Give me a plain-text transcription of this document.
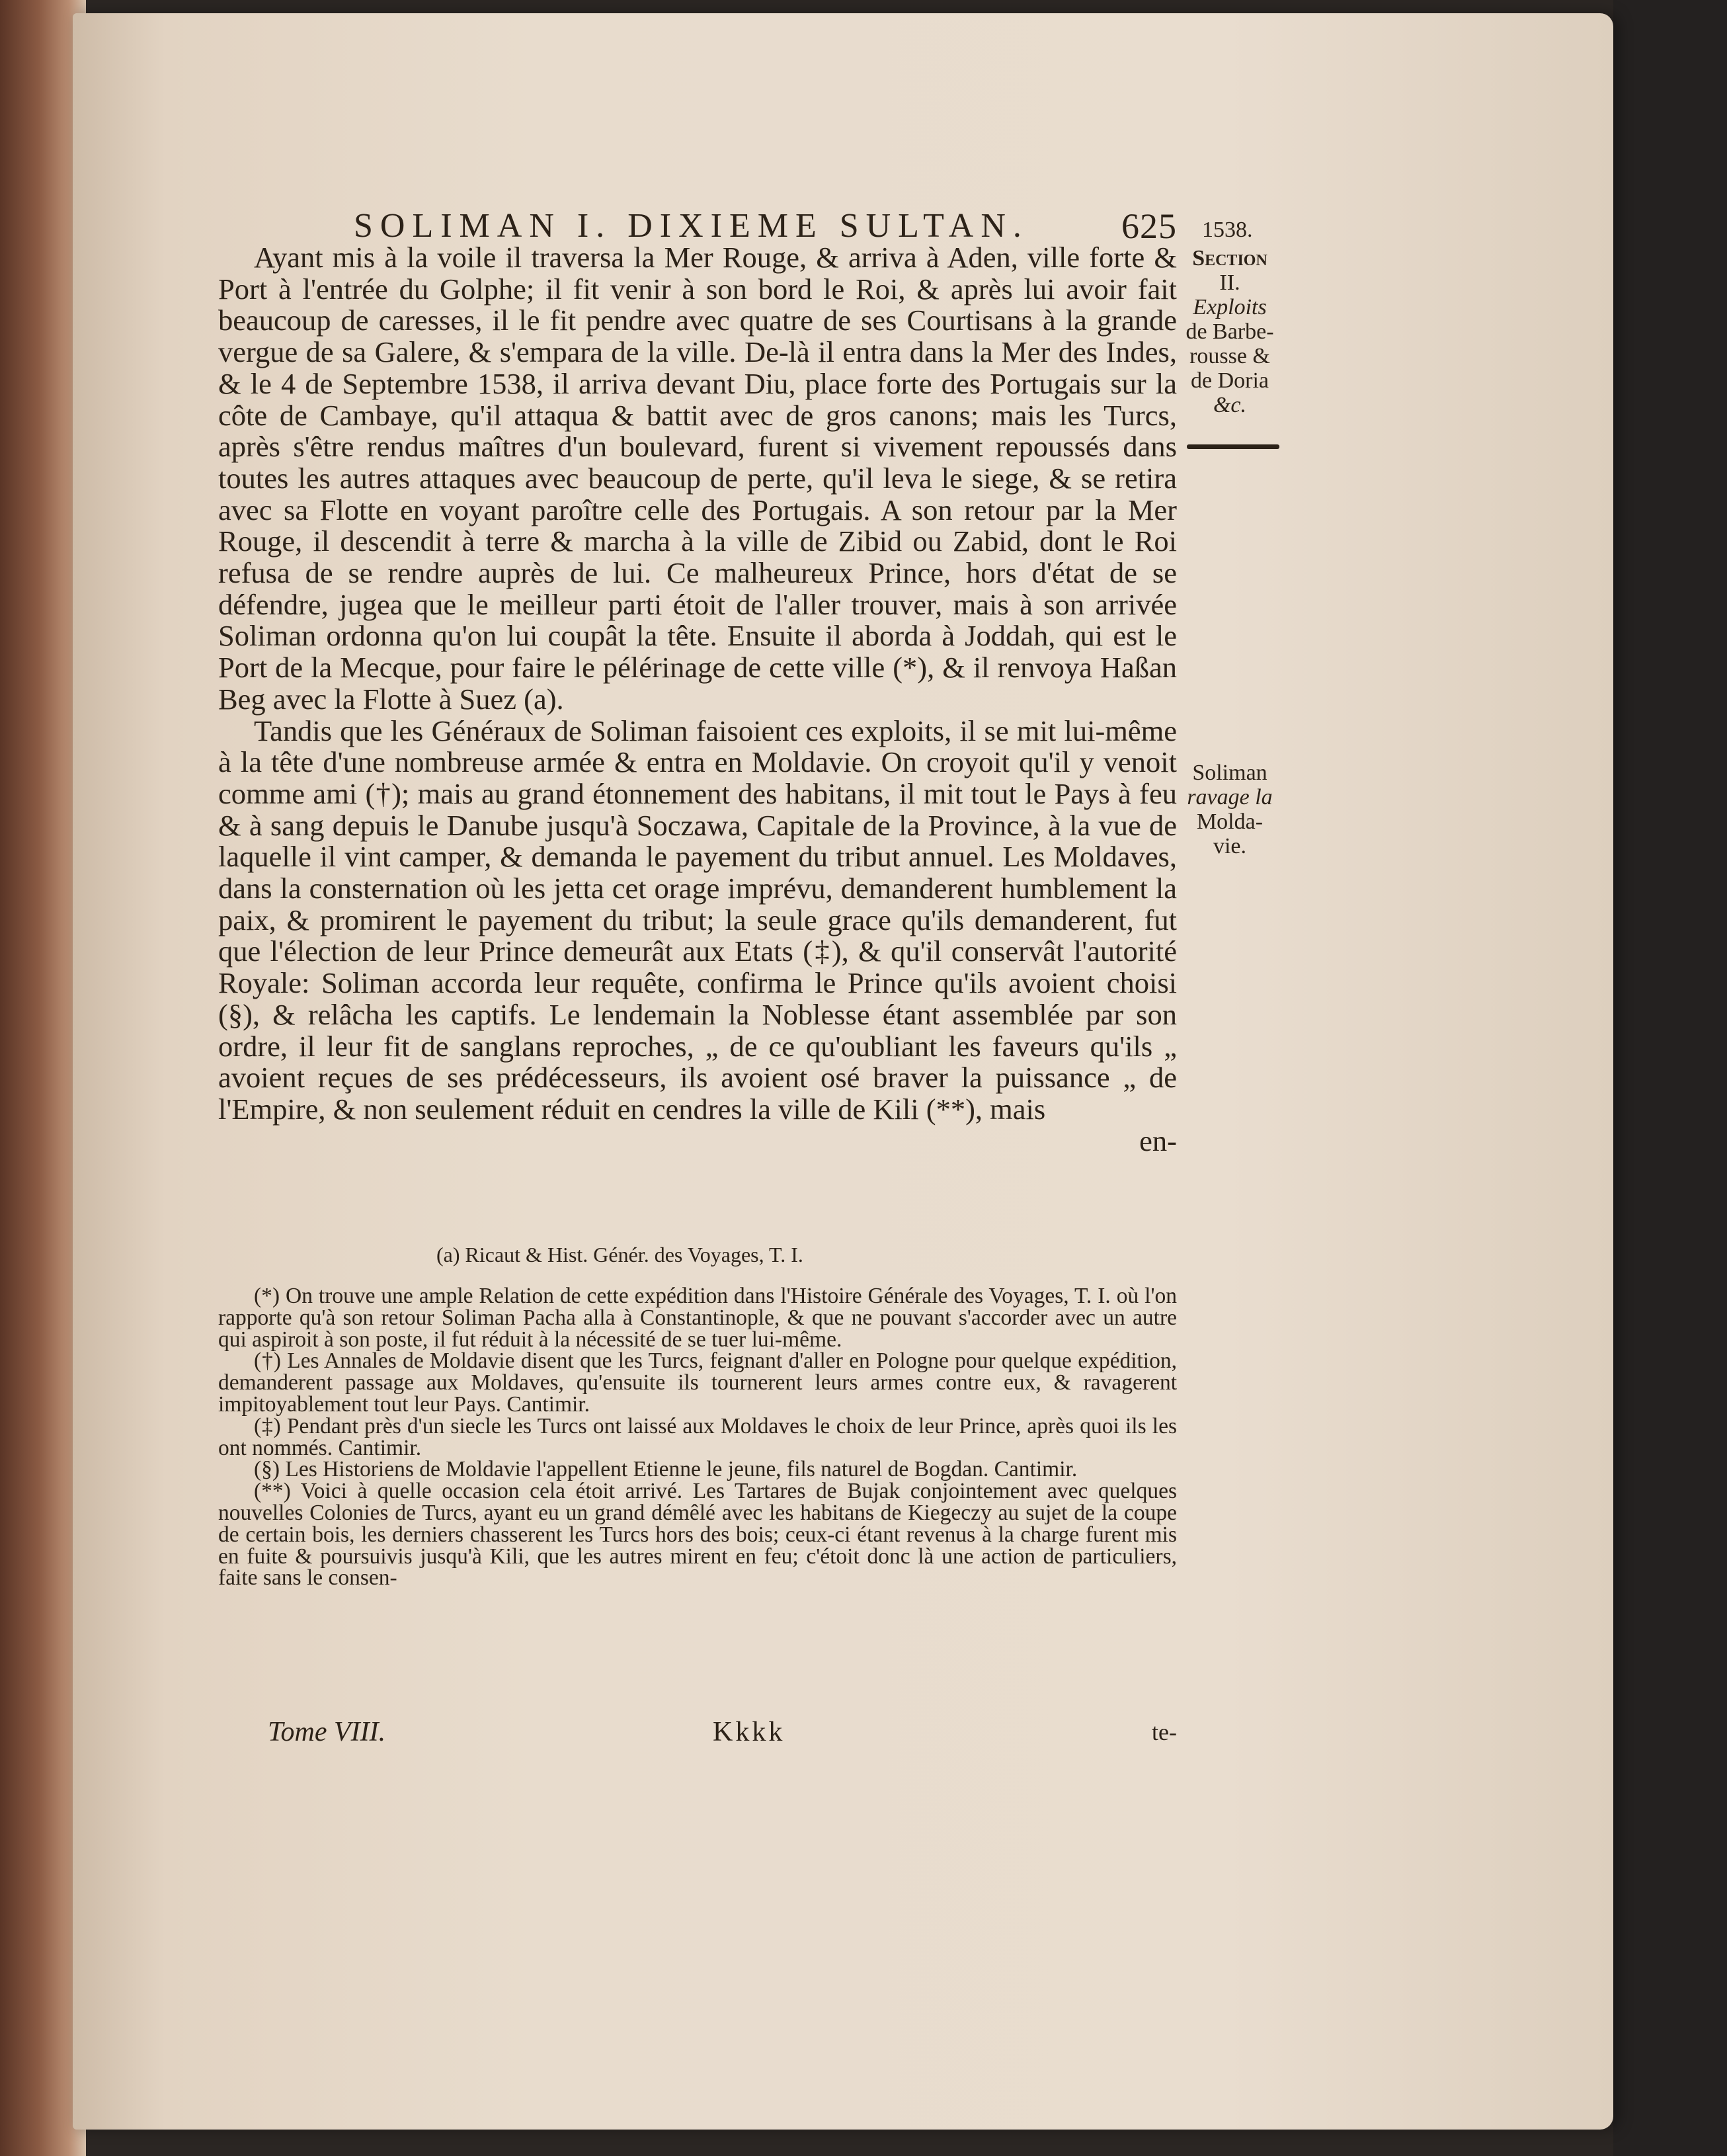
SOLIMAN I. DIXIEME SULTAN.	625 1538.
Section
II.
Exploits
de Barbe-
rousse &
de Doria
&c.
Soliman
ravage la
Molda-
vie.

Ayant mis à la voile il traversa la Mer Rouge, & arriva à Aden, ville forte & Port à l'entrée du Golphe; il fit venir à son bord le Roi, & après lui avoir fait beaucoup de caresses, il le fit pendre avec quatre de ses Courtisans à la grande vergue de sa Galere, & s'empara de la ville. De-là il entra dans la Mer des Indes, & le 4 de Septembre 1538, il arriva devant Diu, place forte des Portugais sur la côte de Cambaye, qu'il attaqua & battit avec de gros canons; mais les Turcs, après s'être rendus maîtres d'un boulevard, furent si vivement repoussés dans toutes les autres attaques avec beaucoup de perte, qu'il leva le siege, & se retira avec sa Flotte en voyant paroître celle des Portugais. A son retour par la Mer Rouge, il descendit à terre & marcha à la ville de Zibid ou Zabid, dont le Roi refusa de se rendre auprès de lui. Ce malheureux Prince, hors d'état de se défendre, jugea que le meilleur parti étoit de l'aller trouver, mais à son arrivée Soliman ordonna qu'on lui coupât la tête. Ensuite il aborda à Joddah, qui est le Port de la Mecque, pour faire le pélérinage de cette ville (*), & il renvoya Haßan Beg avec la Flotte à Suez (a).

Tandis que les Généraux de Soliman faisoient ces exploits, il se mit lui-même à la tête d'une nombreuse armée & entra en Moldavie. On croyoit qu'il y venoit comme ami (†); mais au grand étonnement des habitans, il mit tout le Pays à feu & à sang depuis le Danube jusqu'à Soczawa, Capitale de la Province, à la vue de laquelle il vint camper, & demanda le payement du tribut annuel. Les Moldaves, dans la consternation où les jetta cet orage imprévu, demanderent humblement la paix, & promirent le payement du tribut; la seule grace qu'ils demanderent, fut que l'élection de leur Prince demeurât aux Etats (‡), & qu'il conservât l'autorité Royale: Soliman accorda leur requête, confirma le Prince qu'ils avoient choisi (§), & relâcha les captifs. Le lendemain la Noblesse étant assemblée par son ordre, il leur fit de sanglans reproches, „ de ce qu'oubliant les faveurs qu'ils „ avoient reçues de ses prédécesseurs, ils avoient osé braver la puissance „ de l'Empire, & non seulement réduit en cendres la ville de Kili (**), mais

en-

(a) Ricaut & Hist. Génér. des Voyages, T. I.

(*) On trouve une ample Relation de cette expédition dans l'Histoire Générale des Voyages, T. I. où l'on rapporte qu'à son retour Soliman Pacha alla à Constantinople, & que ne pouvant s'accorder avec un autre qui aspiroit à son poste, il fut réduit à la nécessité de se tuer lui-même.

(†) Les Annales de Moldavie disent que les Turcs, feignant d'aller en Pologne pour quelque expédition, demanderent passage aux Moldaves, qu'ensuite ils tournerent leurs armes contre eux, & ravagerent impitoyablement tout leur Pays. Cantimir.

(‡) Pendant près d'un siecle les Turcs ont laissé aux Moldaves le choix de leur Prince, après quoi ils les ont nommés. Cantimir.

(§) Les Historiens de Moldavie l'appellent Etienne le jeune, fils naturel de Bogdan. Cantimir.

(**) Voici à quelle occasion cela étoit arrivé. Les Tartares de Bujak conjointement avec quelques nouvelles Colonies de Turcs, ayant eu un grand démêlé avec les habitans de Kiegeczy au sujet de la coupe de certain bois, les derniers chasserent les Turcs hors des bois; ceux-ci étant revenus à la charge furent mis en fuite & poursuivis jusqu'à Kili, que les autres mirent en feu; c'étoit donc là une action de particuliers, faite sans le consen-

Tome VIII.	Kkkk	te-
